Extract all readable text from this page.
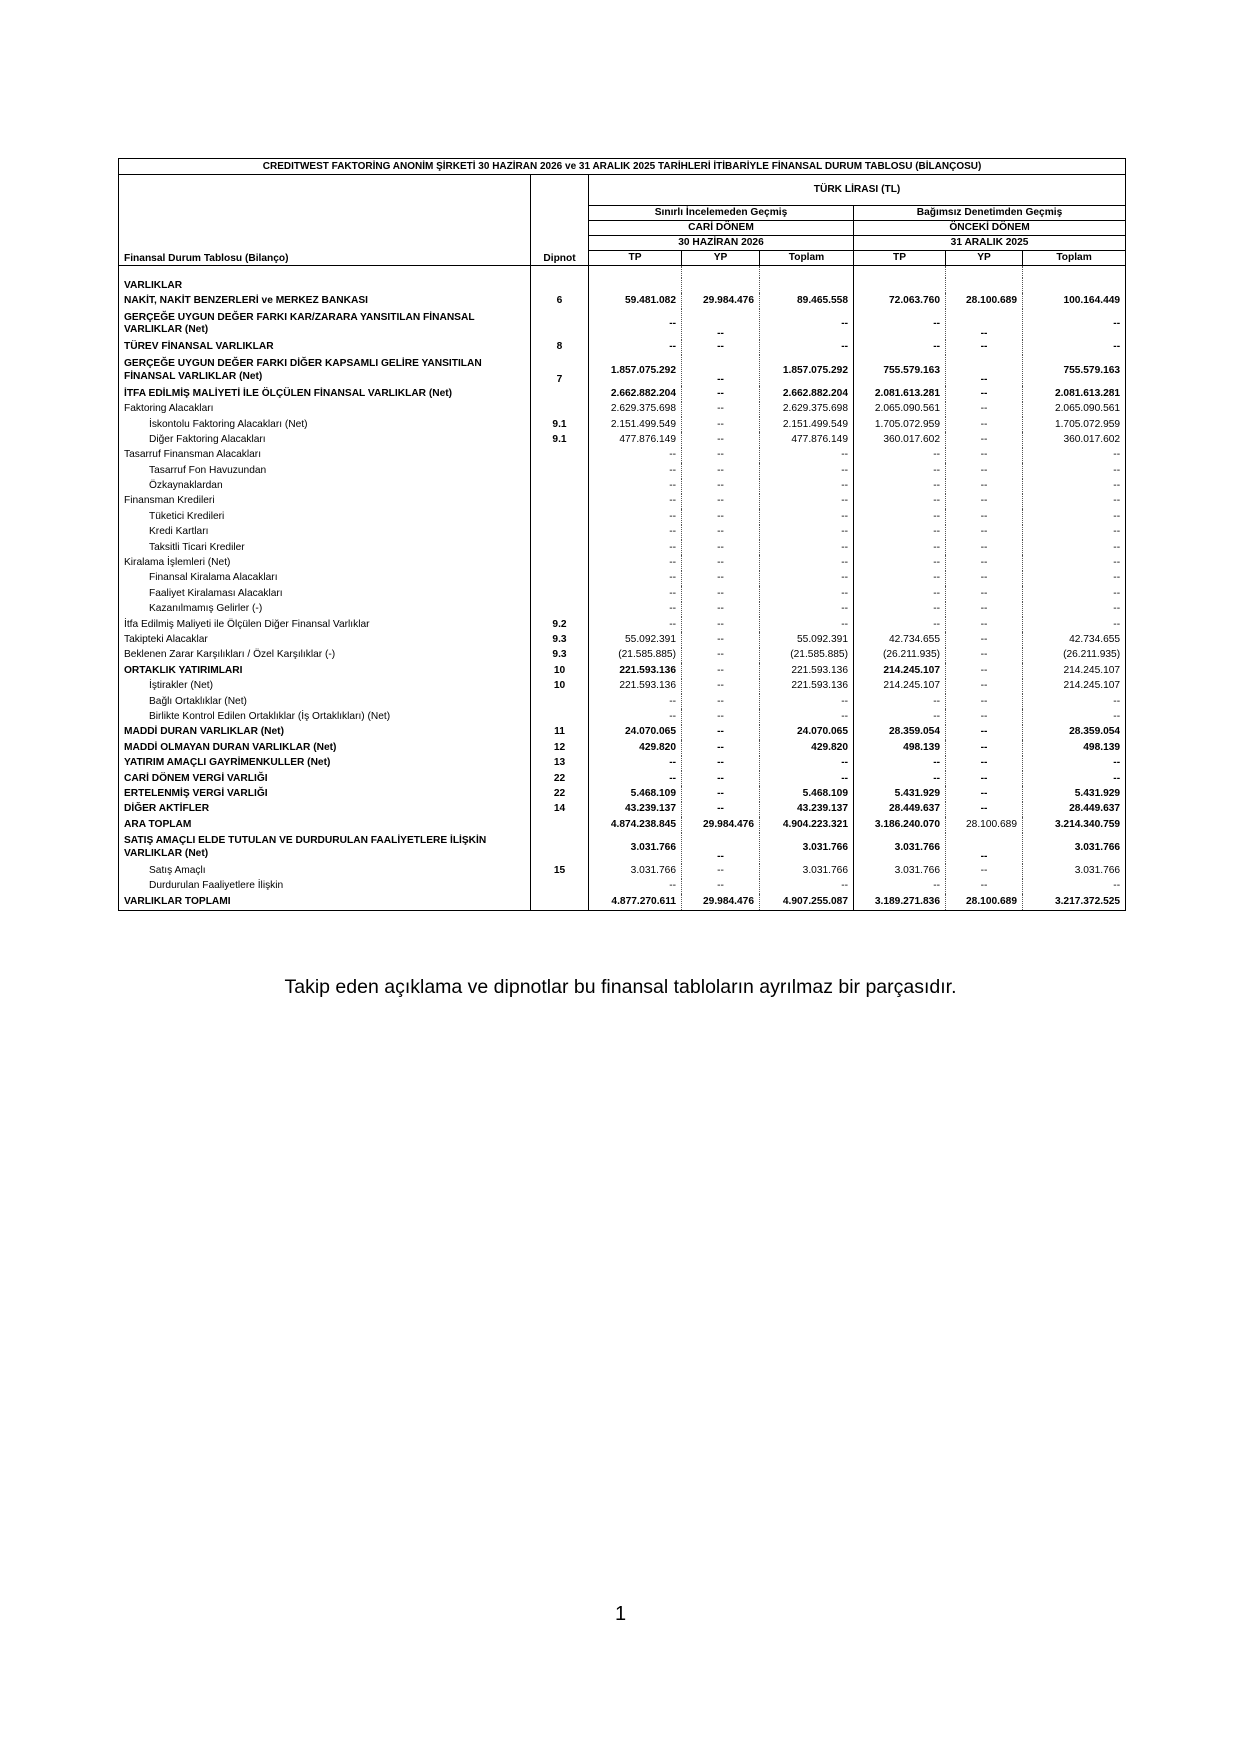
CREDITWEST FAKTORİNG ANONİM ŞİRKETİ 30 HAZİRAN 2026 ve 31 ARALIK 2025 TARİHLERİ İTİBARİYLE FİNANSAL DURUM TABLOSU (BİLANÇOSU)							
Finansal Durum Tablosu (Bilanço)	Dipnot	TÜRK LİRASI (TL)					
		Sınırlı İncelemeden Geçmiş			Bağımsız Denetimden Geçmiş		
		CARİ DÖNEM			ÖNCEKİ DÖNEM		
		30 HAZİRAN 2026			31 ARALIK 2025		
		TP	YP	Toplam	TP	YP	Toplam

VARLIKLAR							
NAKİT, NAKİT BENZERLERİ ve MERKEZ BANKASI	6	59.481.082	29.984.476	89.465.558	72.063.760	28.100.689	100.164.449
GERÇEĞE UYGUN DEĞER FARKI KAR/ZARARA YANSITILAN FİNANSAL VARLIKLAR (Net)		--	--	--	--	--	--
TÜREV FİNANSAL VARLIKLAR	8	--	--	--	--	--	--
GERÇEĞE UYGUN DEĞER FARKI DİĞER KAPSAMLI GELİRE YANSITILAN FİNANSAL VARLIKLAR (Net)	7	1.857.075.292	--	1.857.075.292	755.579.163	--	755.579.163
İTFA EDİLMİŞ MALİYETİ İLE ÖLÇÜLEN FİNANSAL VARLIKLAR (Net)		2.662.882.204	--	2.662.882.204	2.081.613.281	--	2.081.613.281
Faktoring Alacakları		2.629.375.698	--	2.629.375.698	2.065.090.561	--	2.065.090.561
İskontolu Faktoring Alacakları (Net)	9.1	2.151.499.549	--	2.151.499.549	1.705.072.959	--	1.705.072.959
Diğer Faktoring Alacakları	9.1	477.876.149	--	477.876.149	360.017.602	--	360.017.602
Tasarruf Finansman Alacakları		--	--	--	--	--	--
Tasarruf Fon Havuzundan		--	--	--	--	--	--
Özkaynaklardan		--	--	--	--	--	--
Finansman Kredileri		--	--	--	--	--	--
Tüketici Kredileri		--	--	--	--	--	--
Kredi Kartları		--	--	--	--	--	--
Taksitli Ticari Krediler		--	--	--	--	--	--
Kiralama İşlemleri (Net)		--	--	--	--	--	--
Finansal Kiralama Alacakları		--	--	--	--	--	--
Faaliyet Kiralaması Alacakları		--	--	--	--	--	--
Kazanılmamış Gelirler (-)		--	--	--	--	--	--
İtfa Edilmiş Maliyeti ile Ölçülen Diğer Finansal Varlıklar	9.2	--	--	--	--	--	--
Takipteki Alacaklar	9.3	55.092.391	--	55.092.391	42.734.655	--	42.734.655
Beklenen Zarar Karşılıkları / Özel Karşılıklar (-)	9.3	(21.585.885)	--	(21.585.885)	(26.211.935)	--	(26.211.935)
ORTAKLIK YATIRIMLARI	10	221.593.136	--	221.593.136	214.245.107	--	214.245.107
İştirakler (Net)	10	221.593.136	--	221.593.136	214.245.107	--	214.245.107
Bağlı Ortaklıklar (Net)		--	--	--	--	--	--
Birlikte Kontrol Edilen Ortaklıklar (İş Ortaklıkları) (Net)		--	--	--	--	--	--
MADDİ DURAN VARLIKLAR (Net)	11	24.070.065	--	24.070.065	28.359.054	--	28.359.054
MADDİ OLMAYAN DURAN VARLIKLAR (Net)	12	429.820	--	429.820	498.139	--	498.139
YATIRIM AMAÇLI GAYRİMENKULLER (Net)	13	--	--	--	--	--	--
CARİ DÖNEM VERGİ VARLIĞI	22	--	--	--	--	--	--
ERTELENMİŞ VERGİ VARLIĞI	22	5.468.109	--	5.468.109	5.431.929	--	5.431.929
DİĞER AKTİFLER	14	43.239.137	--	43.239.137	28.449.637	--	28.449.637
ARA TOPLAM		4.874.238.845	29.984.476	4.904.223.321	3.186.240.070	28.100.689	3.214.340.759
SATIŞ AMAÇLI ELDE TUTULAN VE DURDURULAN FAALİYETLERE İLİŞKİN VARLIKLAR (Net)		3.031.766	--	3.031.766	3.031.766	--	3.031.766
Satış Amaçlı	15	3.031.766	--	3.031.766	3.031.766	--	3.031.766
Durdurulan Faaliyetlere İlişkin		--	--	--	--	--	--
VARLIKLAR TOPLAMI		4.877.270.611	29.984.476	4.907.255.087	3.189.271.836	28.100.689	3.217.372.525
Takip eden açıklama ve dipnotlar bu finansal tabloların ayrılmaz bir parçasıdır.
1
